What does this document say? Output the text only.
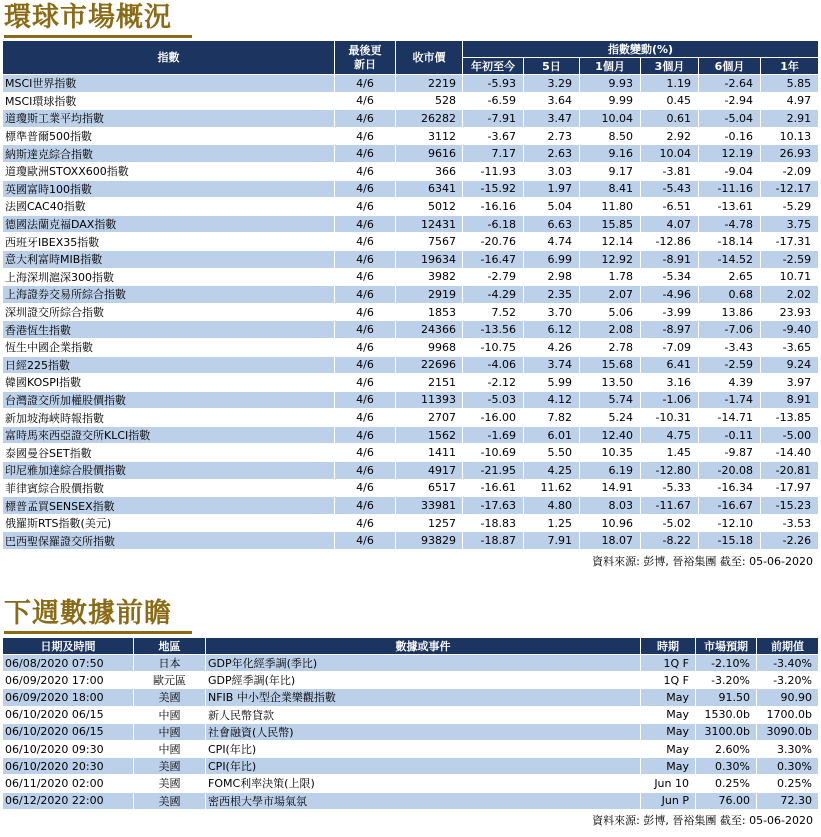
環球市場概況
指數	最後更新日	收市價	指數變動(%)					
			年初至今	5日	1個月	3個月	6個月	1年
MSCI世界指數	4/6	2219	-5.93	3.29	9.93	1.19	-2.64	5.85
MSCI環球指數	4/6	528	-6.59	3.64	9.99	0.45	-2.94	4.97
道瓊斯工業平均指數	4/6	26282	-7.91	3.47	10.04	0.61	-5.04	2.91
標準普爾500指數	4/6	3112	-3.67	2.73	8.50	2.92	-0.16	10.13
納斯達克綜合指數	4/6	9616	7.17	2.63	9.16	10.04	12.19	26.93
道瓊歐洲STOXX600指數	4/6	366	-11.93	3.03	9.17	-3.81	-9.04	-2.09
英國富時100指數	4/6	6341	-15.92	1.97	8.41	-5.43	-11.16	-12.17
法國CAC40指數	4/6	5012	-16.16	5.04	11.80	-6.51	-13.61	-5.29
德國法蘭克福DAX指數	4/6	12431	-6.18	6.63	15.85	4.07	-4.78	3.75
西班牙IBEX35指數	4/6	7567	-20.76	4.74	12.14	-12.86	-18.14	-17.31
意大利富時MIB指數	4/6	19634	-16.47	6.99	12.92	-8.91	-14.52	-2.59
上海深圳滬深300指數	4/6	3982	-2.79	2.98	1.78	-5.34	2.65	10.71
上海證券交易所綜合指數	4/6	2919	-4.29	2.35	2.07	-4.96	0.68	2.02
深圳證交所綜合指數	4/6	1853	7.52	3.70	5.06	-3.99	13.86	23.93
香港恆生指數	4/6	24366	-13.56	6.12	2.08	-8.97	-7.06	-9.40
恆生中國企業指數	4/6	9968	-10.75	4.26	2.78	-7.09	-3.43	-3.65
日經225指數	4/6	22696	-4.06	3.74	15.68	6.41	-2.59	9.24
韓國KOSPI指數	4/6	2151	-2.12	5.99	13.50	3.16	4.39	3.97
台灣證交所加權股價指數	4/6	11393	-5.03	4.12	5.74	-1.06	-1.74	8.91
新加坡海峽時報指數	4/6	2707	-16.00	7.82	5.24	-10.31	-14.71	-13.85
富時馬來西亞證交所KLCI指數	4/6	1562	-1.69	6.01	12.40	4.75	-0.11	-5.00
泰國曼谷SET指數	4/6	1411	-10.69	5.50	10.35	1.45	-9.87	-14.40
印尼雅加達綜合股價指數	4/6	4917	-21.95	4.25	6.19	-12.80	-20.08	-20.81
菲律賓綜合股價指數	4/6	6517	-16.61	11.62	14.91	-5.33	-16.34	-17.97
標普孟買SENSEX指數	4/6	33981	-17.63	4.80	8.03	-11.67	-16.67	-15.23
俄羅斯RTS指數(美元)	4/6	1257	-18.83	1.25	10.96	-5.02	-12.10	-3.53
巴西聖保羅證交所指數	4/6	93829	-18.87	7.91	18.07	-8.22	-15.18	-2.26
資料來源: 彭博, 晉裕集團 截至: 05-06-2020
下週數據前瞻
日期及時間	地區	數據或事件	時期	市場預期	前期值
06/08/2020 07:50	日本	GDP年化經季調(季比)	1Q F	-2.10%	-3.40%
06/09/2020 17:00	歐元區	GDP經季調(年比)	1Q F	-3.20%	-3.20%
06/09/2020 18:00	美國	NFIB 中小型企業樂觀指數	May	91.50	90.90
06/10/2020 06/15	中國	新人民幣貸款	May	1530.0b	1700.0b
06/10/2020 06/15	中國	社會融資(人民幣)	May	3100.0b	3090.0b
06/10/2020 09:30	中國	CPI(年比)	May	2.60%	3.30%
06/10/2020 20:30	美國	CPI(年比)	May	0.30%	0.30%
06/11/2020 02:00	美國	FOMC利率決策(上限)	Jun 10	0.25%	0.25%
06/12/2020 22:00	美國	密西根大學市場氣氛	Jun P	76.00	72.30
資料來源: 彭博, 晉裕集團 截至: 05-06-2020
